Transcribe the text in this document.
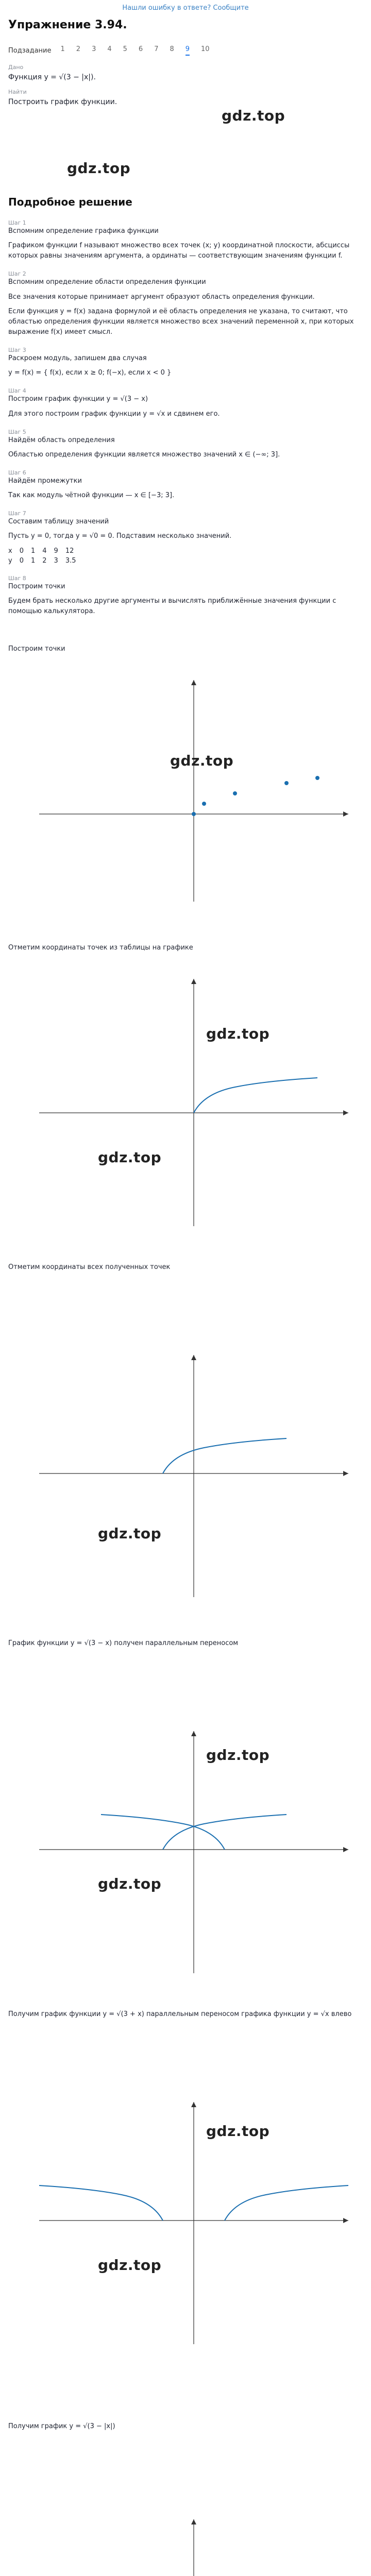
Нашли ошибку в ответе? Сообщите
Упражнение 3.94.
Подзадание 1 2 3 4 5 6 7 8 9 10
Дано
Функция y = √(3 − |x|).
Найти
Построить график функции.
gdz.top
gdz.top
Подробное решение
Шаг 1
Вспомним определение графика функции
Графиком функции f называют множество всех точек (x; y) координатной плоскости, абсциссы которых равны значениям аргумента, а ординаты — соответствующим значениям функции f.
Шаг 2
Вспомним определение области определения функции
Все значения которые принимает аргумент образуют область определения функции.
Если функция y = f(x) задана формулой и её область определения не указана, то считают, что областью определения функции является множество всех значений переменной x, при которых выражение f(x) имеет смысл.
Шаг 3
Раскроем модуль, запишем два случая
y = f(x) = { f(x), если x ≥ 0; f(−x), если x < 0 }
Шаг 4
Построим график функции y = √(3 − x)
Для этого построим график функции y = √x и сдвинем его.
Шаг 5
Найдём область определения
Областью определения функции является множество значений x ∈ (−∞; 3].
Шаг 6
Найдём промежутки
Так как модуль чётной функции — x ∈ [−3; 3].
Шаг 7
Составим таблицу значений
Пусть y = 0, тогда y = √0 = 0. Подставим несколько значений.
x	0	1	4	9	12
y	0	1	2	3	3.5
Шаг 8
Построим точки
Будем брать несколько другие аргументы и вычислять приближённые значения функции с помощью калькулятора.
Построим точки
gdz.top
Отметим координаты точек из таблицы на графике
gdz.top
gdz.top
Отметим координаты всех полученных точек
gdz.top
График функции y = √(3 − x) получен параллельным переносом
gdz.top
gdz.top
Получим график функции y = √(3 + x) параллельным переносом графика функции y = √x влево
gdz.top
gdz.top
Получим график y = √(3 − |x|)
